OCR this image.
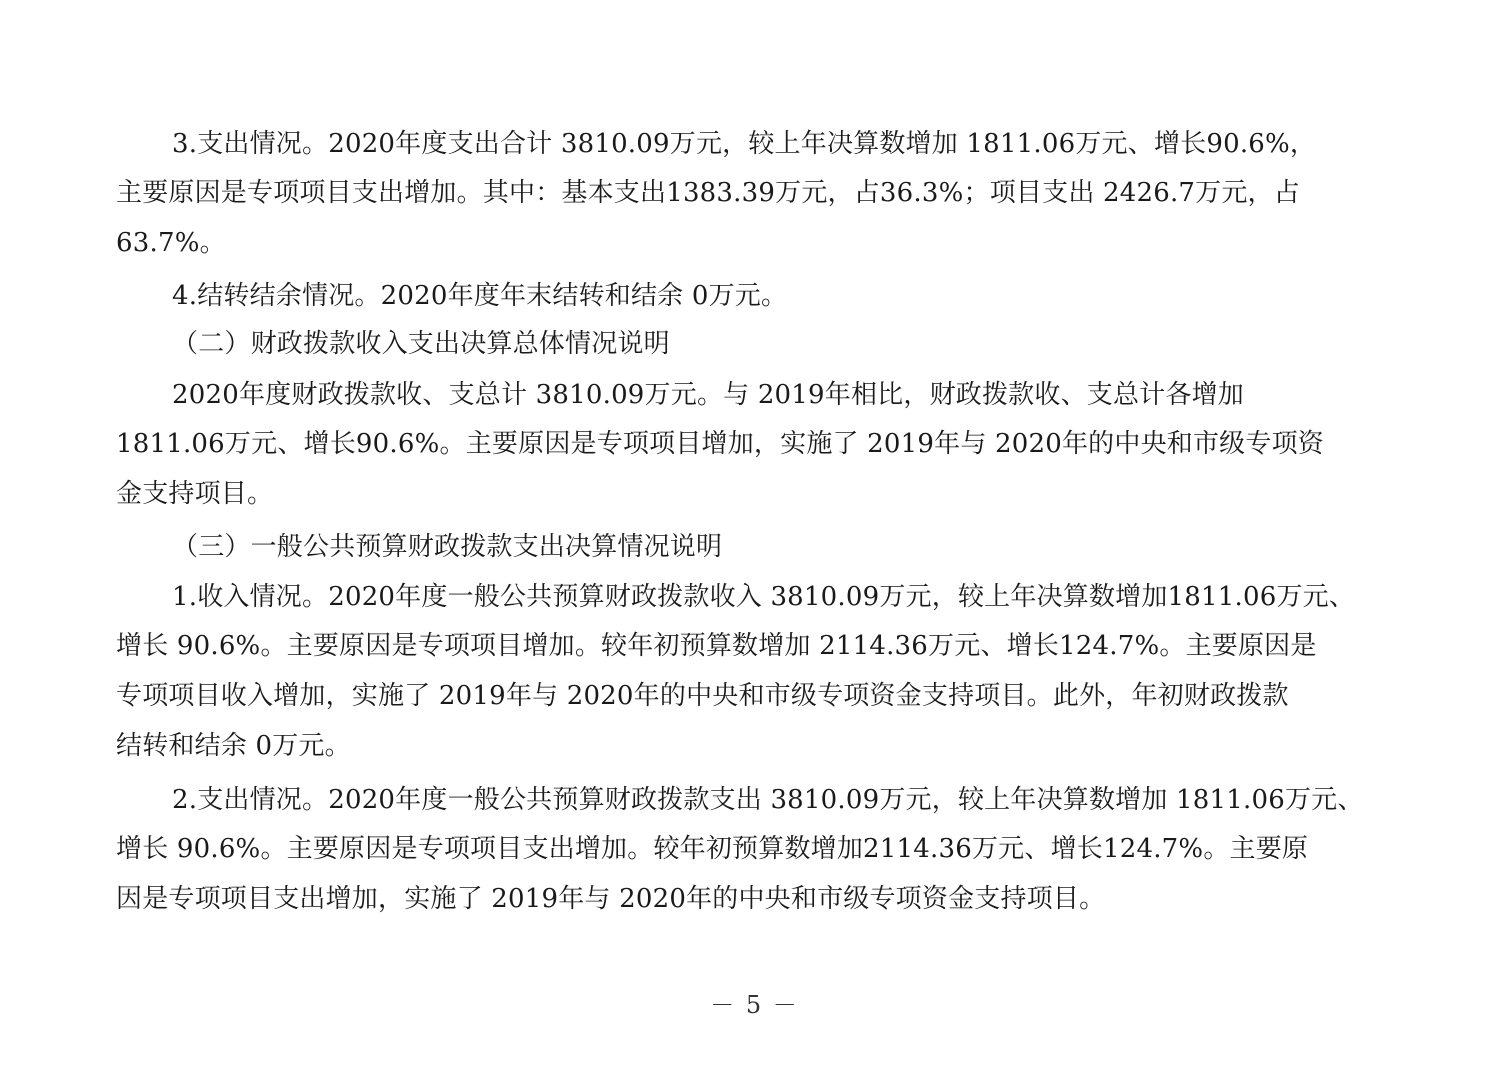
3.支出情况。2020年度支出合计 3810.09万元，较上年决算数增加 1811.06万元、增长90.6%，
主要原因是专项项目支出增加。其中：基本支出1383.39万元，占36.3%；项目支出 2426.7万元，占
63.7%。
4.结转结余情况。2020年度年末结转和结余 0万元。
（二）财政拨款收入支出决算总体情况说明
2020年度财政拨款收、支总计 3810.09万元。与 2019年相比，财政拨款收、支总计各增加
1811.06万元、增长90.6%。主要原因是专项项目增加，实施了 2019年与 2020年的中央和市级专项资
金支持项目。
（三）一般公共预算财政拨款支出决算情况说明
1.收入情况。2020年度一般公共预算财政拨款收入 3810.09万元，较上年决算数增加1811.06万元、
增长 90.6%。主要原因是专项项目增加。较年初预算数增加 2114.36万元、增长124.7%。主要原因是
专项项目收入增加，实施了 2019年与 2020年的中央和市级专项资金支持项目。此外，年初财政拨款
结转和结余 0万元。
2.支出情况。2020年度一般公共预算财政拨款支出 3810.09万元，较上年决算数增加 1811.06万元、
增长 90.6%。主要原因是专项项目支出增加。较年初预算数增加2114.36万元、增长124.7%。主要原
因是专项项目支出增加，实施了 2019年与 2020年的中央和市级专项资金支持项目。
－ 5 －
